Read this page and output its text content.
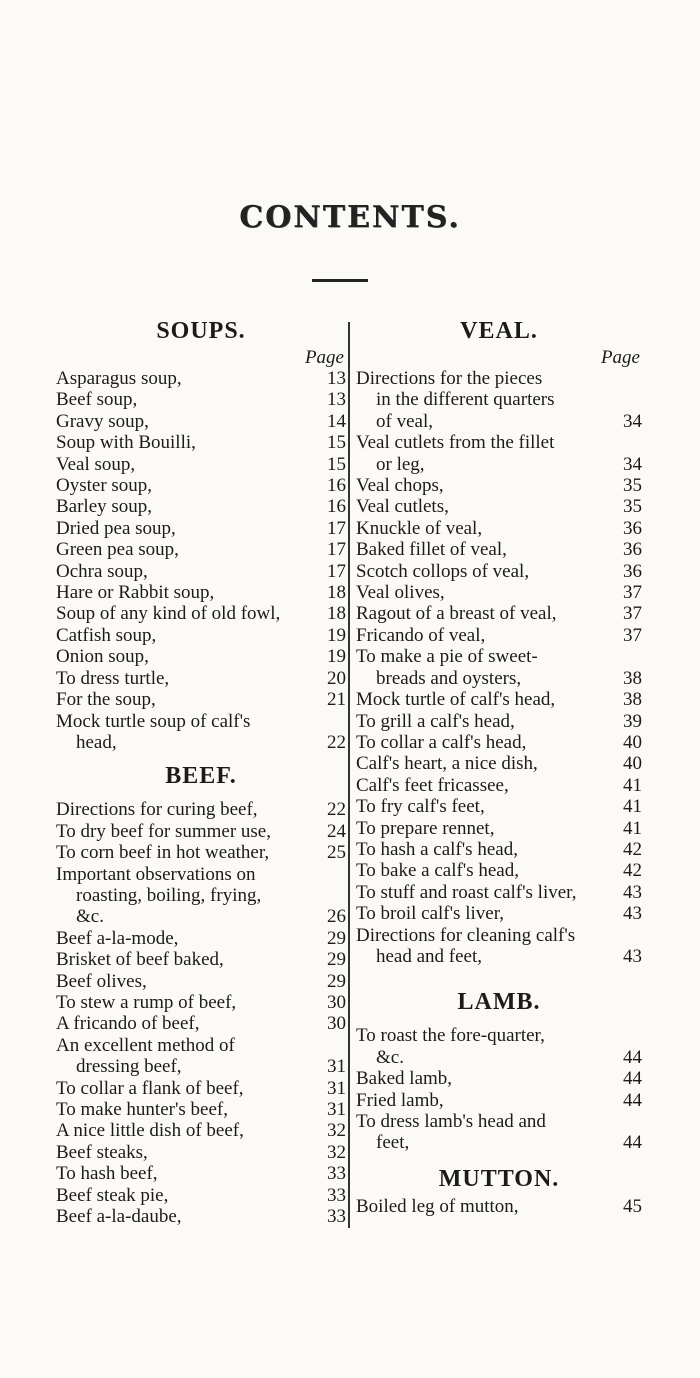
CONTENTS.
SOUPS.
Page
Asparagus soup,	13
Beef soup,	13
Gravy soup,	14
Soup with Bouilli,	15
Veal soup,	15
Oyster soup,	16
Barley soup,	16
Dried pea soup,	17
Green pea soup,	17
Ochra soup,	17
Hare or Rabbit soup,	18
Soup of any kind of old fowl,	18
Catfish soup,	19
Onion soup,	19
To dress turtle,	20
For the soup,	21
Mock turtle soup of calf's
head,	22
BEEF.
Directions for curing beef,	22
To dry beef for summer use,	24
To corn beef in hot weather,	25
Important observations on
roasting, boiling, frying,
&c.	26
Beef a-la-mode,	29
Brisket of beef baked,	29
Beef olives,	29
To stew a rump of beef,	30
A fricando of beef,	30
An excellent method of
dressing beef,	31
To collar a flank of beef,	31
To make hunter's beef,	31
A nice little dish of beef,	32
Beef steaks,	32
To hash beef,	33
Beef steak pie,	33
Beef a-la-daube,	33
VEAL.
Page
Directions for the pieces
in the different quarters
of veal,	34
Veal cutlets from the fillet
or leg,	34
Veal chops,	35
Veal cutlets,	35
Knuckle of veal,	36
Baked fillet of veal,	36
Scotch collops of veal,	36
Veal olives,	37
Ragout of a breast of veal,	37
Fricando of veal,	37
To make a pie of sweet-
breads and oysters,	38
Mock turtle of calf's head,	38
To grill a calf's head,	39
To collar a calf's head,	40
Calf's heart, a nice dish,	40
Calf's feet fricassee,	41
To fry calf's feet,	41
To prepare rennet,	41
To hash a calf's head,	42
To bake a calf's head,	42
To stuff and roast calf's liver,	43
To broil calf's liver,	43
Directions for cleaning calf's
head and feet,	43
LAMB.
To roast the fore-quarter,
&c.	44
Baked lamb,	44
Fried lamb,	44
To dress lamb's head and
feet,	44
MUTTON.
Boiled leg of mutton,	45
